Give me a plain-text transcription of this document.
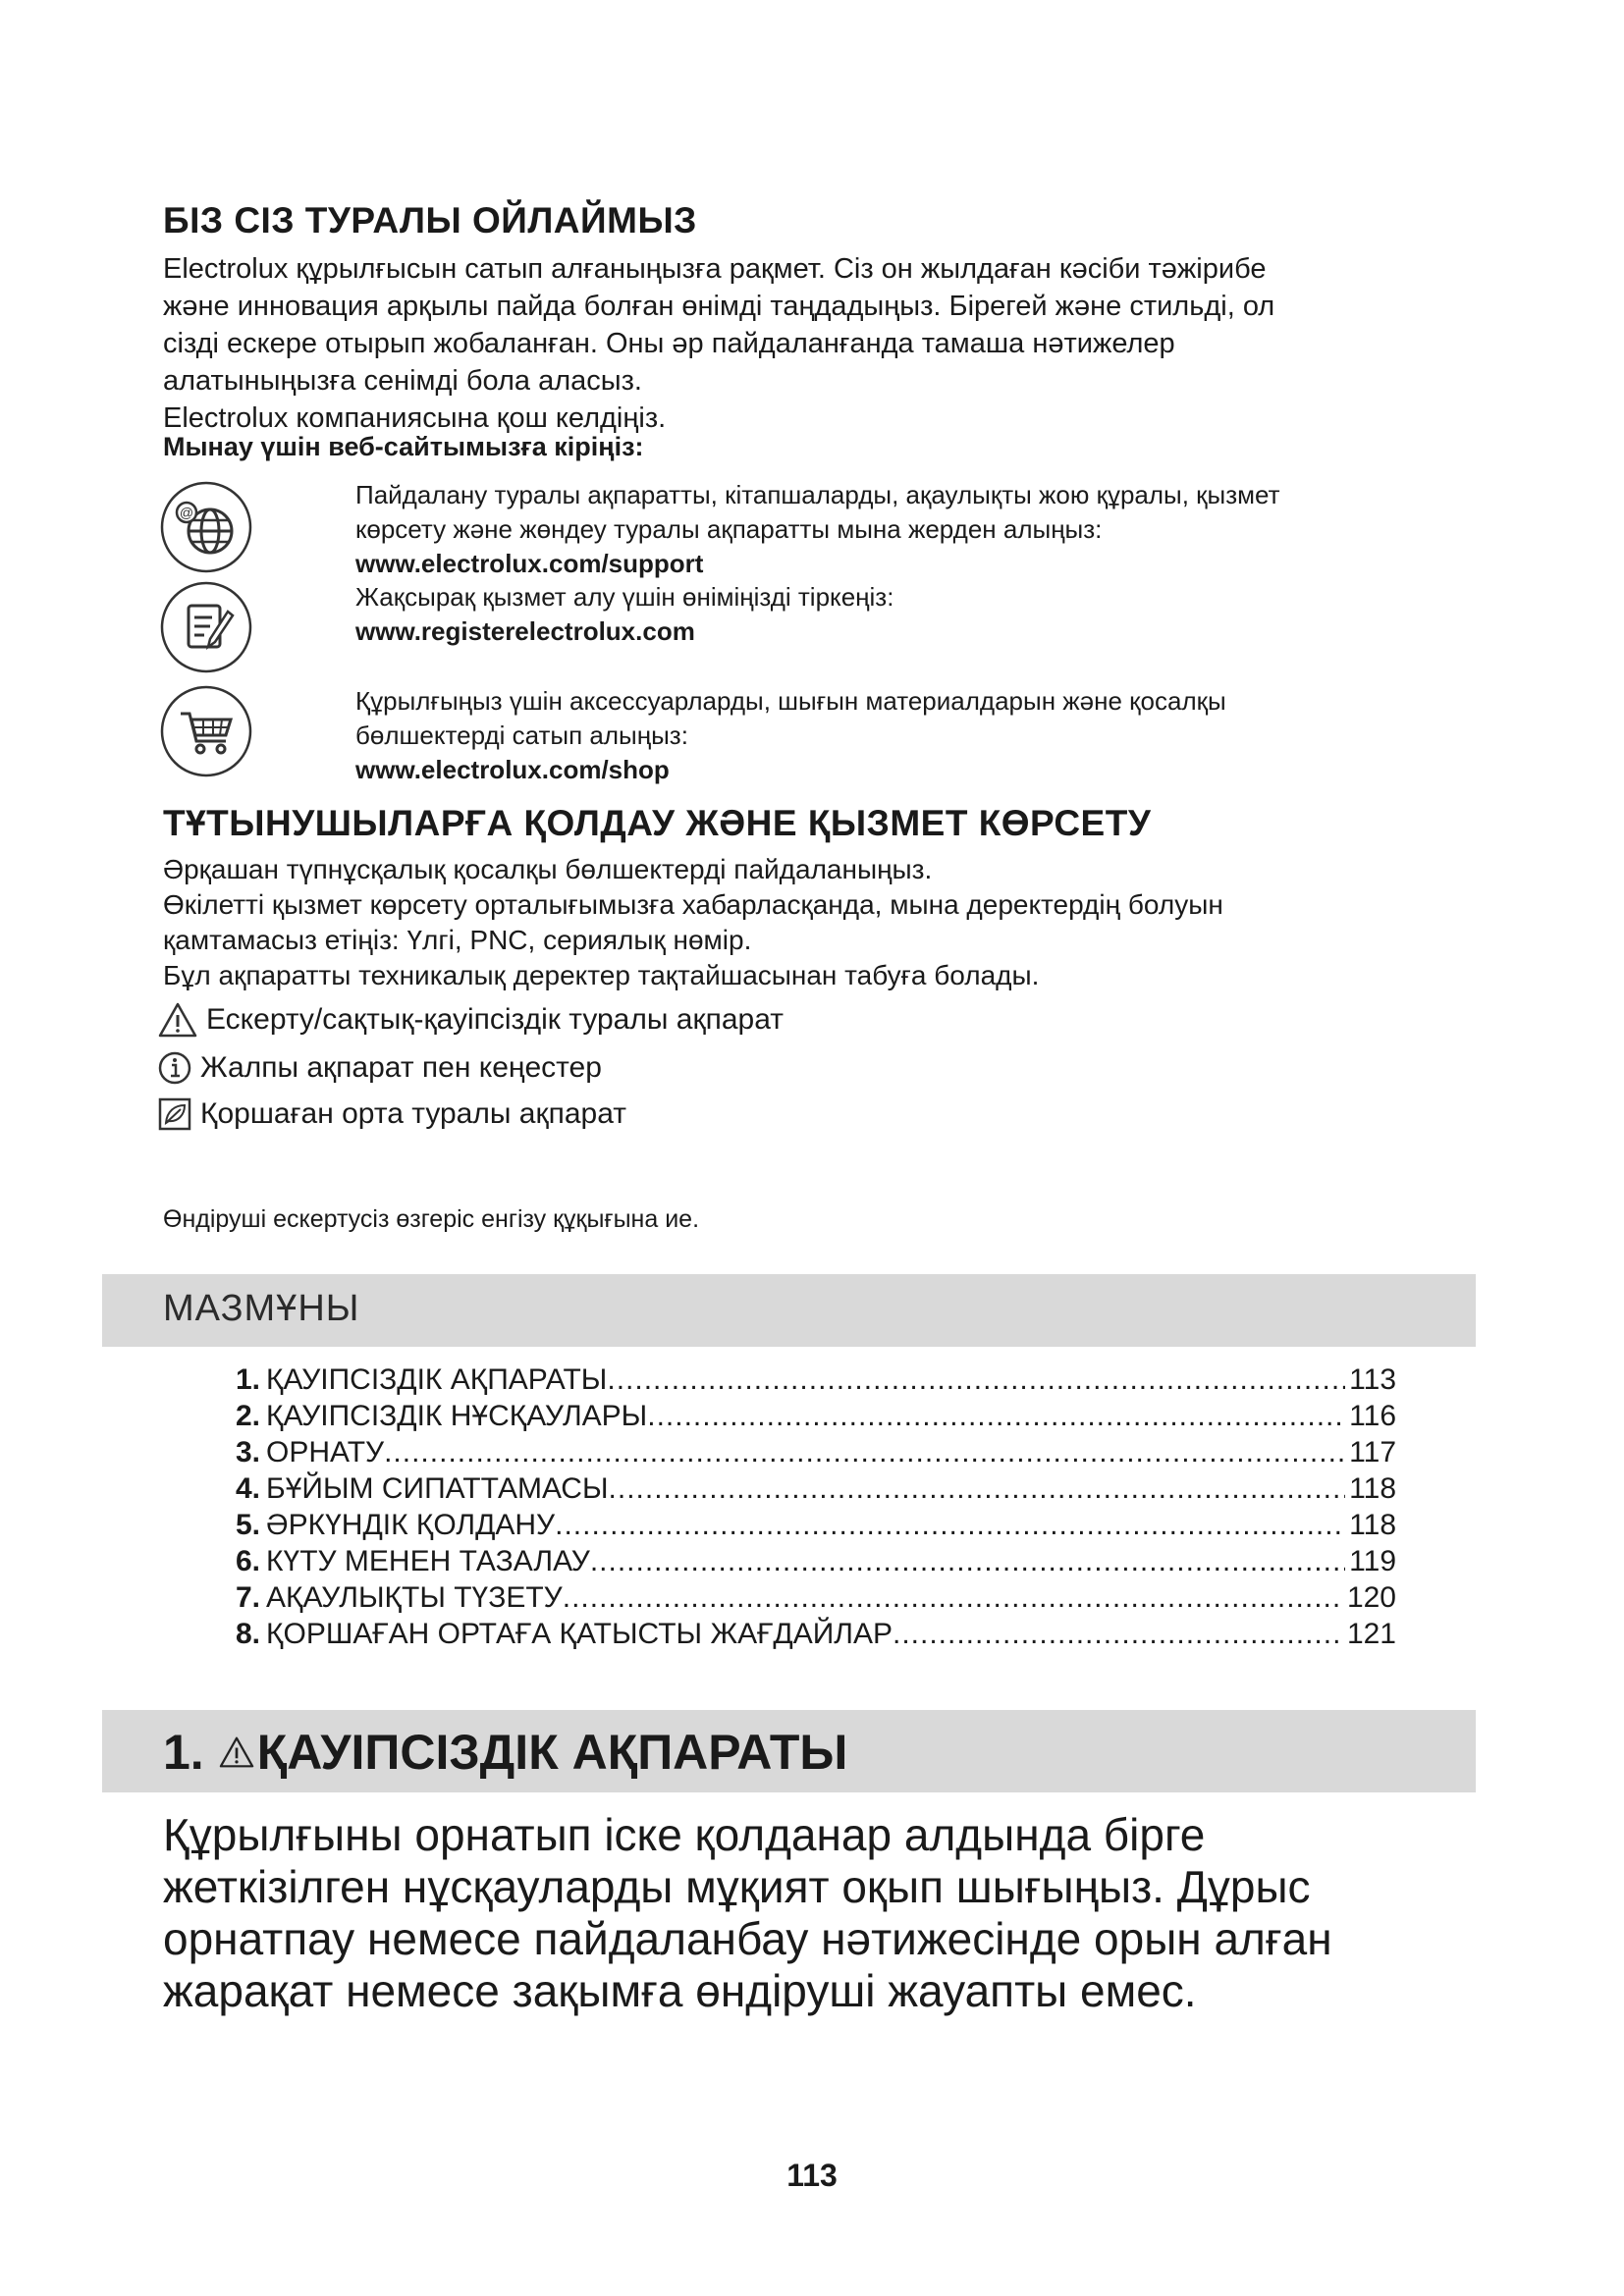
БІЗ СІЗ ТУРАЛЫ ОЙЛАЙМЫЗ

Electrolux құрылғысын сатып алғаныңызға рақмет. Сіз он жылдаған кәсіби тәжірибе

және инновация арқылы пайда болған өнімді таңдадыңыз. Бірегей және стильді, ол

сізді ескере отырып жобаланған. Оны әр пайдаланғанда тамаша нәтижелер

алатыныңызға сенімді бола аласыз.

Electrolux компаниясына қош келдіңіз.

Мынау үшін веб-сайтымызға кіріңіз:
@

Пайдалану туралы ақпаратты, кітапшаларды, ақаулықты жою құралы, қызмет

көрсету және жөндеу туралы ақпаратты мына жерден алыңыз:

www.electrolux.com/support

Жақсырақ қызмет алу үшін өніміңізді тіркеңіз:

www.registerelectrolux.com

Құрылғыңыз үшін аксессуарларды, шығын материалдарын және қосалқы

бөлшектерді сатып алыңыз:

www.electrolux.com/shop

ТҰТЫНУШЫЛАРҒА ҚОЛДАУ ЖӘНЕ ҚЫЗМЕТ КӨРСЕТУ

Әрқашан түпнұсқалық қосалқы бөлшектерді пайдаланыңыз.

Өкілетті қызмет көрсету орталығымызға хабарласқанда, мына деректердің болуын

қамтамасыз етіңіз: Үлгі, PNC, сериялық нөмір.

Бұл ақпаратты техникалық деректер тақтайшасынан табуға болады.

Ескерту/сақтық-қауіпсіздік туралы ақпарат
Жалпы ақпарат пен кеңестер
Қоршаған орта туралы ақпарат
Өндіруші ескертусіз өзгеріс енгізу құқығына ие.
МАЗМҰНЫ
1. ҚАУІПСІЗДІК АҚПАРАТЫ .....	113
2. ҚАУІПСІЗДІК НҰСҚАУЛАРЫ .....	116
3. ОРНАТУ .....	117
4. БҰЙЫМ СИПАТТАМАСЫ .....	118
5. ӘРКҮНДІК ҚОЛДАНУ .....	118
6. КҮТУ МЕНЕН ТАЗАЛАУ .....	119
7. АҚАУЛЫҚТЫ ТҮЗЕТУ .....	120
8. ҚОРШАҒАН ОРТАҒА ҚАТЫСТЫ ЖАҒДАЙЛАР .....	121
1. ҚАУІПСІЗДІК АҚПАРАТЫ

Құрылғыны орнатып іске қолданар алдында бірге

жеткізілген нұсқауларды мұқият оқып шығыңыз. Дұрыс

орнатпау немесе пайдаланбау нәтижесінде орын алған

жарақат немесе зақымға өндіруші жауапты емес.

113
